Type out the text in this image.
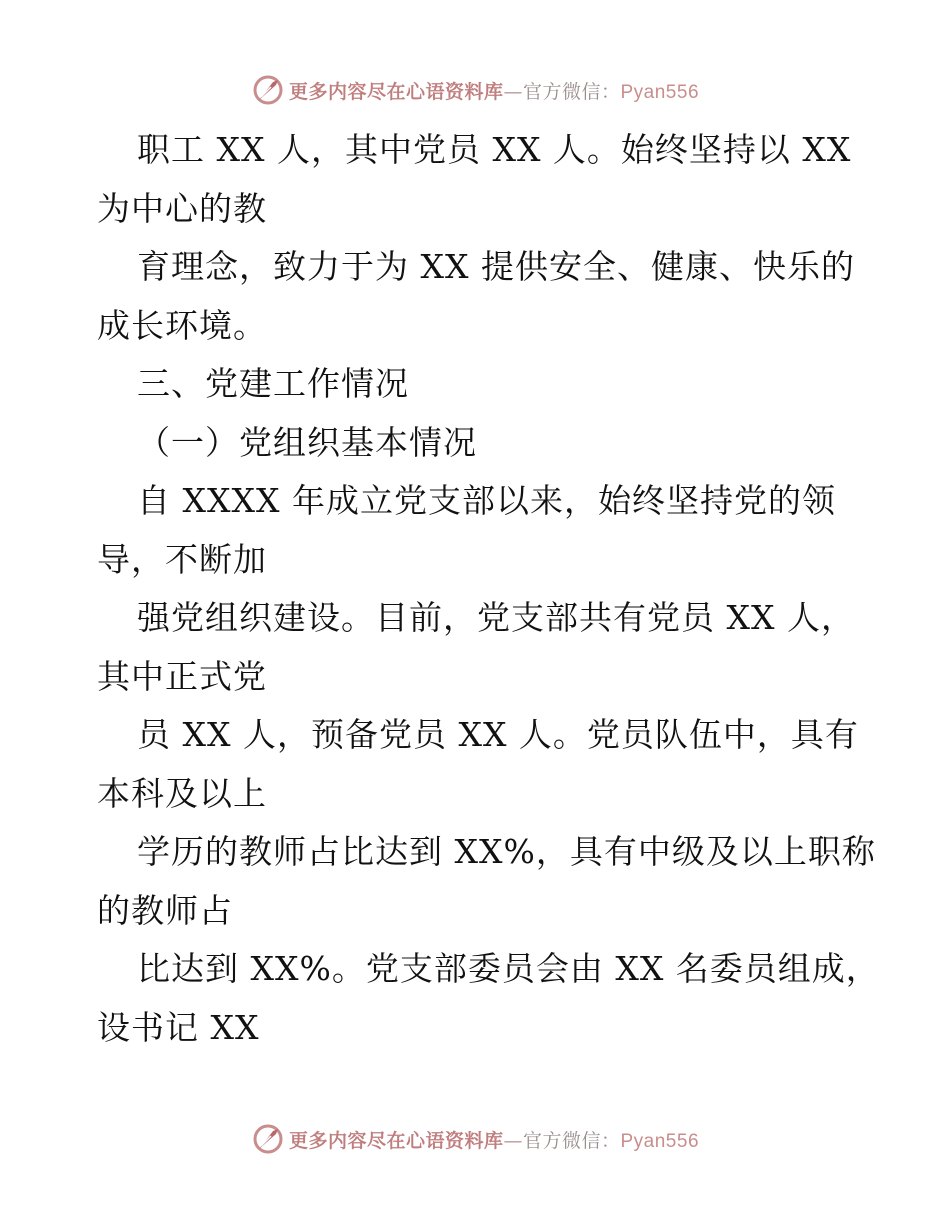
更多内容尽在心语资料库—官方微信：Pyan556
职工 XX 人，其中党员 XX 人。始终坚持以 XX
为中心的教
育理念，致力于为 XX 提供安全、健康、快乐的
成长环境。
三、党建工作情况
（一）党组织基本情况
自 XXXX 年成立党支部以来，始终坚持党的领
导，不断加
强党组织建设。目前，党支部共有党员 XX 人，
其中正式党
员 XX 人，预备党员 XX 人。党员队伍中，具有
本科及以上
学历的教师占比达到 XX%，具有中级及以上职称
的教师占
比达到 XX%。党支部委员会由 XX 名委员组成，
设书记 XX
更多内容尽在心语资料库—官方微信：Pyan556
